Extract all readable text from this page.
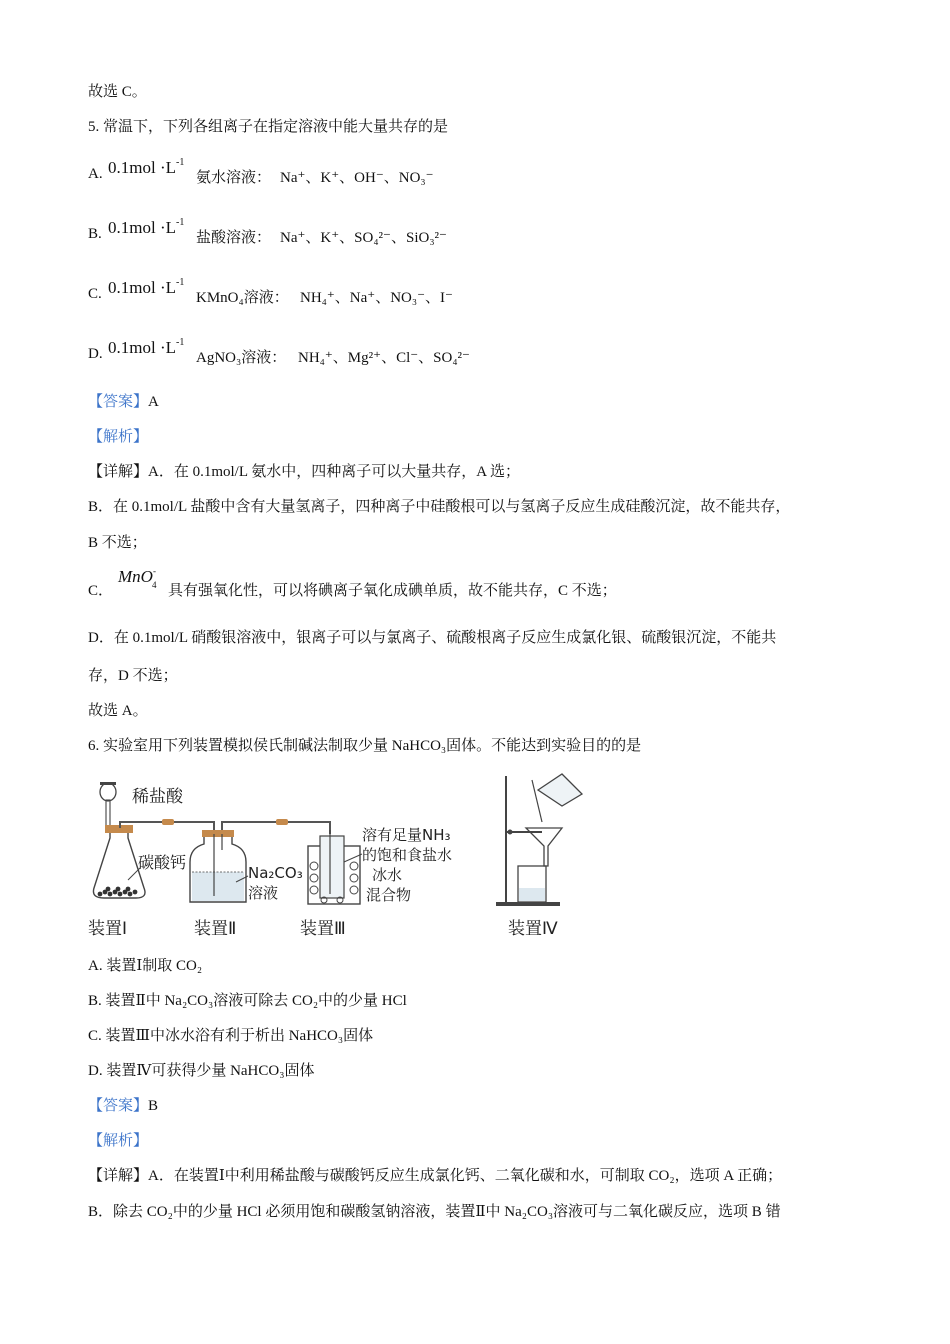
故选 C。
5. 常温下，下列各组离子在指定溶液中能大量共存的是
A. $0.1mol \cdot L^{-1}$
氨水溶液： Na⁺、K⁺、OH⁻、NO₃⁻
B. $0.1mol \cdot L^{-1}$
盐酸溶液： Na⁺、K⁺、SO₄²⁻、SiO₃²⁻
C. $0.1mol \cdot L^{-1}$
KMnO₄溶液： NH₄⁺、Na⁺、NO₃⁻、I⁻
D. $0.1mol \cdot L^{-1}$
AgNO₃溶液： NH₄⁺、Mg²⁺、Cl⁻、SO₄²⁻
【答案】A
【解析】
【详解】A．在 0.1mol/L 氨水中，四种离子可以大量共存，A 选；
B．在 0.1mol/L 盐酸中含有大量氢离子，四种离子中硅酸根可以与氢离子反应生成硅酸沉淀，故不能共存，
B 不选；
C．
MnO-$_4$ 具有强氧化性，可以将碘离子氧化成碘单质，故不能共存，C 不选；
D．在 0.1mol/L 硝酸银溶液中，银离子可以与氯离子、硫酸根离子反应生成氯化银、硫酸银沉淀，不能共
存，D 不选；
故选 A。
6. 实验室用下列装置模拟侯氏制碱法制取少量 NaHCO₃固体。不能达到实验目的的是
稀盐酸
碳酸钙
Na₂CO₃
溶液
溶有足量NH₃
的饱和食盐水
冰水
混合物
装置Ⅰ	装置Ⅱ	装置Ⅲ	装置Ⅳ
A. 装置Ⅰ制取 CO₂
B. 装置Ⅱ中 Na₂CO₃溶液可除去 CO₂中的少量 HCl
C. 装置Ⅲ中冰水浴有利于析出 NaHCO₃固体
D. 装置Ⅳ可获得少量 NaHCO₃固体
【答案】B
【解析】
【详解】A．在装置Ⅰ中利用稀盐酸与碳酸钙反应生成氯化钙、二氧化碳和水，可制取 CO₂，选项 A 正确；
B．除去 CO₂中的少量 HCl 必须用饱和碳酸氢钠溶液，装置Ⅱ中 Na₂CO₃溶液可与二氧化碳反应，选项 B 错
